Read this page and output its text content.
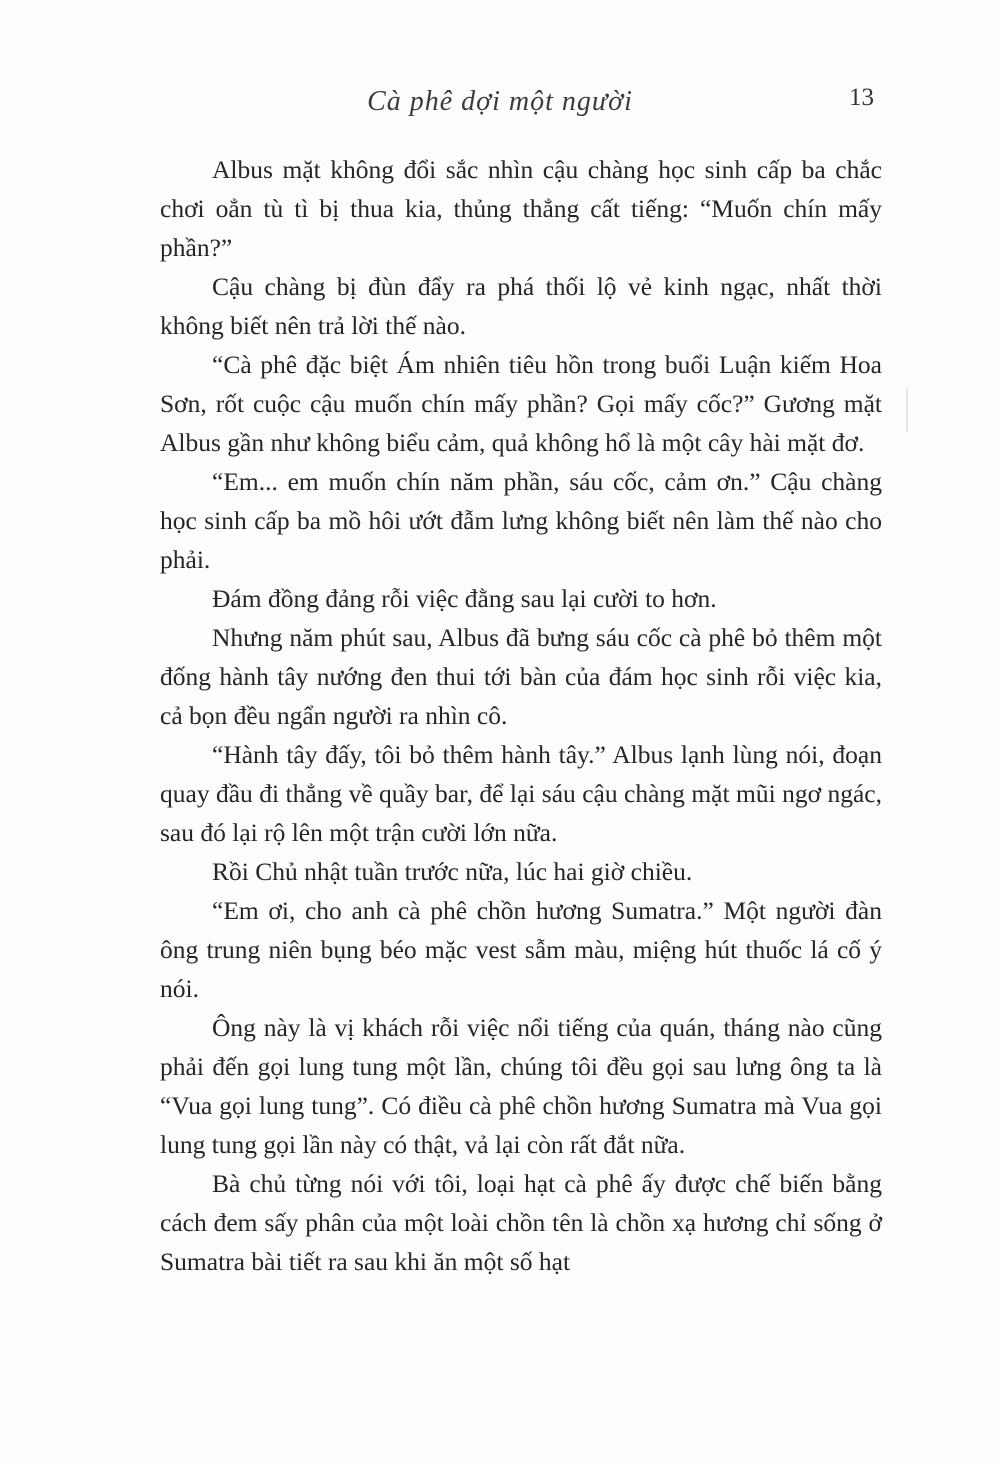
Cà phê dợi một người	13

Albus mặt không đổi sắc nhìn cậu chàng học sinh cấp ba chắc chơi oẳn tù tì bị thua kia, thủng thẳng cất tiếng: “Muốn chín mấy phần?”

Cậu chàng bị đùn đẩy ra phá thối lộ vẻ kinh ngạc, nhất thời không biết nên trả lời thế nào.

“Cà phê đặc biệt Ám nhiên tiêu hồn trong buổi Luận kiếm Hoa Sơn, rốt cuộc cậu muốn chín mấy phần? Gọi mấy cốc?” Gương mặt Albus gần như không biểu cảm, quả không hổ là một cây hài mặt đơ.

“Em... em muốn chín năm phần, sáu cốc, cảm ơn.” Cậu chàng học sinh cấp ba mồ hôi ướt đẫm lưng không biết nên làm thế nào cho phải.

Đám đồng đảng rỗi việc đằng sau lại cười to hơn.

Nhưng năm phút sau, Albus đã bưng sáu cốc cà phê bỏ thêm một đống hành tây nướng đen thui tới bàn của đám học sinh rỗi việc kia, cả bọn đều ngẩn người ra nhìn cô.

“Hành tây đấy, tôi bỏ thêm hành tây.” Albus lạnh lùng nói, đoạn quay đầu đi thẳng về quầy bar, để lại sáu cậu chàng mặt mũi ngơ ngác, sau đó lại rộ lên một trận cười lớn nữa.

Rồi Chủ nhật tuần trước nữa, lúc hai giờ chiều.

“Em ơi, cho anh cà phê chồn hương Sumatra.” Một người đàn ông trung niên bụng béo mặc vest sẫm màu, miệng hút thuốc lá cố ý nói.

Ông này là vị khách rỗi việc nổi tiếng của quán, tháng nào cũng phải đến gọi lung tung một lần, chúng tôi đều gọi sau lưng ông ta là “Vua gọi lung tung”. Có điều cà phê chồn hương Sumatra mà Vua gọi lung tung gọi lần này có thật, vả lại còn rất đắt nữa.

Bà chủ từng nói với tôi, loại hạt cà phê ấy được chế biến bằng cách đem sấy phân của một loài chồn tên là chồn xạ hương chỉ sống ở Sumatra bài tiết ra sau khi ăn một số hạt
